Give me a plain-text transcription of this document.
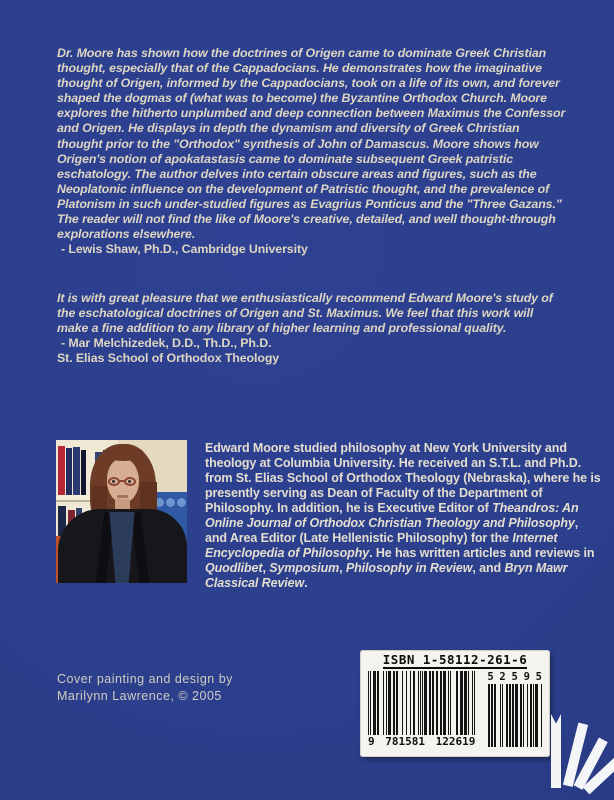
Dr. Moore has shown how the doctrines of Origen came to dominate Greek Christian thought, especially that of the Cappadocians. He demonstrates how the imaginative thought of Origen, informed by the Cappadocians, took on a life of its own, and forever shaped the dogmas of (what was to become) the Byzantine Orthodox Church. Moore explores the hitherto unplumbed and deep connection between Maximus the Confessor and Origen. He displays in depth the dynamism and diversity of Greek Christian thought prior to the "Orthodox" synthesis of John of Damascus. Moore shows how Origen's notion of apokatastasis came to dominate subsequent Greek patristic eschatology. The author delves into certain obscure areas and figures, such as the Neoplatonic influence on the development of Patristic thought, and the prevalence of Platonism in such under-studied figures as Evagrius Ponticus and the "Three Gazans." The reader will not find the like of Moore's creative, detailed, and well thought-through explorations elsewhere.
- Lewis Shaw, Ph.D., Cambridge University
It is with great pleasure that we enthusiastically recommend Edward Moore's study of the eschatological doctrines of Origen and St. Maximus. We feel that this work will make a fine addition to any library of higher learning and professional quality.
- Mar Melchizedek, D.D., Th.D., Ph.D.
St. Elias School of Orthodox Theology
Edward Moore studied philosophy at New York University and theology at Columbia University. He received an S.T.L. and Ph.D. from St. Elias School of Orthodox Theology (Nebraska), where he is presently serving as Dean of Faculty of the Department of Philosophy. In addition, he is Executive Editor of Theandros: An Online Journal of Orthodox Christian Theology and Philosophy, and Area Editor (Late Hellenistic Philosophy) for the Internet Encyclopedia of Philosophy. He has written articles and reviews in Quodlibet, Symposium, Philosophy in Review, and Bryn Mawr Classical Review.
Cover painting and design by
Marilynn Lawrence, © 2005
ISBN 1-58112-261-6
9 781581 122619
5 2 5 9 5
